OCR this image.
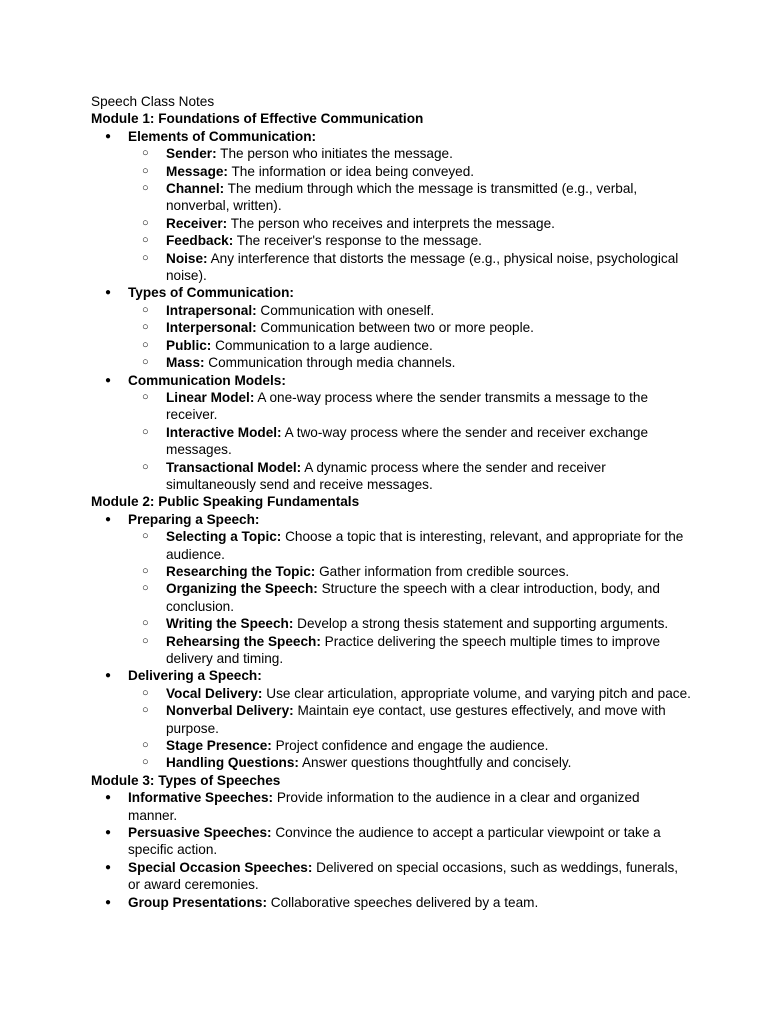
Speech Class Notes
Module 1: Foundations of Effective Communication
● Elements of Communication:
○ Sender: The person who initiates the message.
○ Message: The information or idea being conveyed.
○ Channel: The medium through which the message is transmitted (e.g., verbal, nonverbal, written).
○ Receiver: The person who receives and interprets the message.
○ Feedback: The receiver's response to the message.
○ Noise: Any interference that distorts the message (e.g., physical noise, psychological noise).
● Types of Communication:
○ Intrapersonal: Communication with oneself.
○ Interpersonal: Communication between two or more people.
○ Public: Communication to a large audience.
○ Mass: Communication through media channels.
● Communication Models:
○ Linear Model: A one-way process where the sender transmits a message to the receiver.
○ Interactive Model: A two-way process where the sender and receiver exchange messages.
○ Transactional Model: A dynamic process where the sender and receiver simultaneously send and receive messages.
Module 2: Public Speaking Fundamentals
● Preparing a Speech:
○ Selecting a Topic: Choose a topic that is interesting, relevant, and appropriate for the audience.
○ Researching the Topic: Gather information from credible sources.
○ Organizing the Speech: Structure the speech with a clear introduction, body, and conclusion.
○ Writing the Speech: Develop a strong thesis statement and supporting arguments.
○ Rehearsing the Speech: Practice delivering the speech multiple times to improve delivery and timing.
● Delivering a Speech:
○ Vocal Delivery: Use clear articulation, appropriate volume, and varying pitch and pace.
○ Nonverbal Delivery: Maintain eye contact, use gestures effectively, and move with purpose.
○ Stage Presence: Project confidence and engage the audience.
○ Handling Questions: Answer questions thoughtfully and concisely.
Module 3: Types of Speeches
● Informative Speeches: Provide information to the audience in a clear and organized manner.
● Persuasive Speeches: Convince the audience to accept a particular viewpoint or take a specific action.
● Special Occasion Speeches: Delivered on special occasions, such as weddings, funerals, or award ceremonies.
● Group Presentations: Collaborative speeches delivered by a team.
